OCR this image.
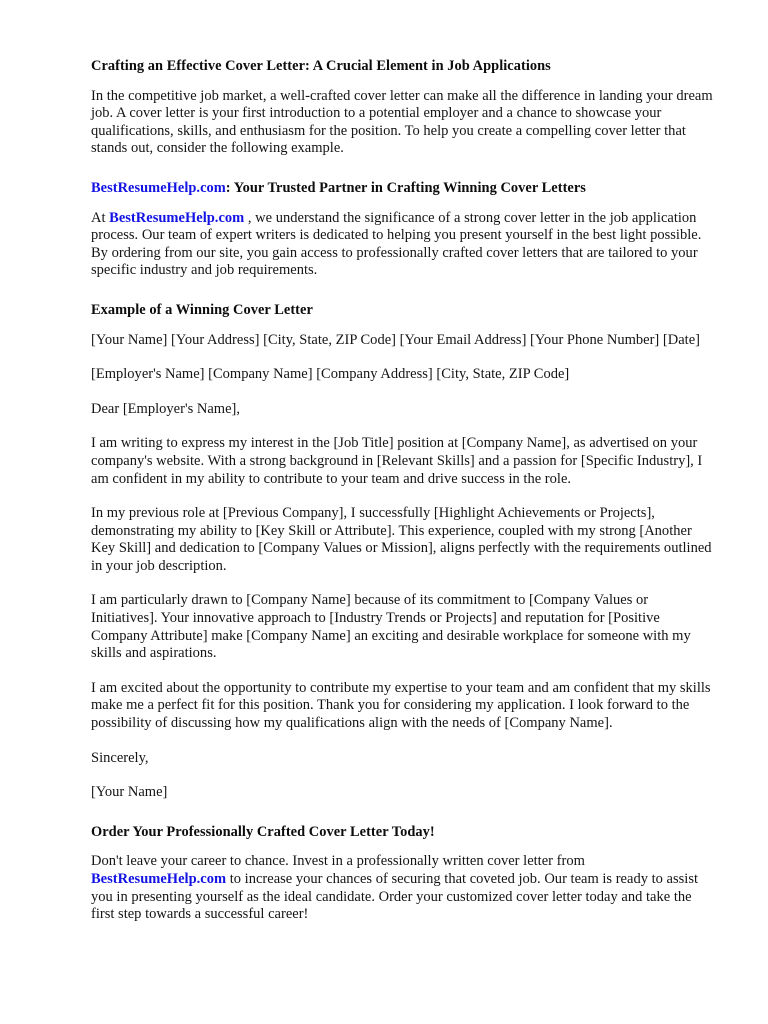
Crafting an Effective Cover Letter: A Crucial Element in Job Applications

In the competitive job market, a well-crafted cover letter can make all the difference in landing your dream job. A cover letter is your first introduction to a potential employer and a chance to showcase your qualifications, skills, and enthusiasm for the position. To help you create a compelling cover letter that stands out, consider the following example.

BestResumeHelp.com: Your Trusted Partner in Crafting Winning Cover Letters

At BestResumeHelp.com , we understand the significance of a strong cover letter in the job application process. Our team of expert writers is dedicated to helping you present yourself in the best light possible. By ordering from our site, you gain access to professionally crafted cover letters that are tailored to your specific industry and job requirements.

Example of a Winning Cover Letter

[Your Name] [Your Address] [City, State, ZIP Code] [Your Email Address] [Your Phone Number] [Date]

[Employer's Name] [Company Name] [Company Address] [City, State, ZIP Code]

Dear [Employer's Name],

I am writing to express my interest in the [Job Title] position at [Company Name], as advertised on your company's website. With a strong background in [Relevant Skills] and a passion for [Specific Industry], I am confident in my ability to contribute to your team and drive success in the role.

In my previous role at [Previous Company], I successfully [Highlight Achievements or Projects], demonstrating my ability to [Key Skill or Attribute]. This experience, coupled with my strong [Another Key Skill] and dedication to [Company Values or Mission], aligns perfectly with the requirements outlined in your job description.

I am particularly drawn to [Company Name] because of its commitment to [Company Values or Initiatives]. Your innovative approach to [Industry Trends or Projects] and reputation for [Positive Company Attribute] make [Company Name] an exciting and desirable workplace for someone with my skills and aspirations.

I am excited about the opportunity to contribute my expertise to your team and am confident that my skills make me a perfect fit for this position. Thank you for considering my application. I look forward to the possibility of discussing how my qualifications align with the needs of [Company Name].

Sincerely,

[Your Name]

Order Your Professionally Crafted Cover Letter Today!

Don't leave your career to chance. Invest in a professionally written cover letter from BestResumeHelp.com to increase your chances of securing that coveted job. Our team is ready to assist you in presenting yourself as the ideal candidate. Order your customized cover letter today and take the first step towards a successful career!
